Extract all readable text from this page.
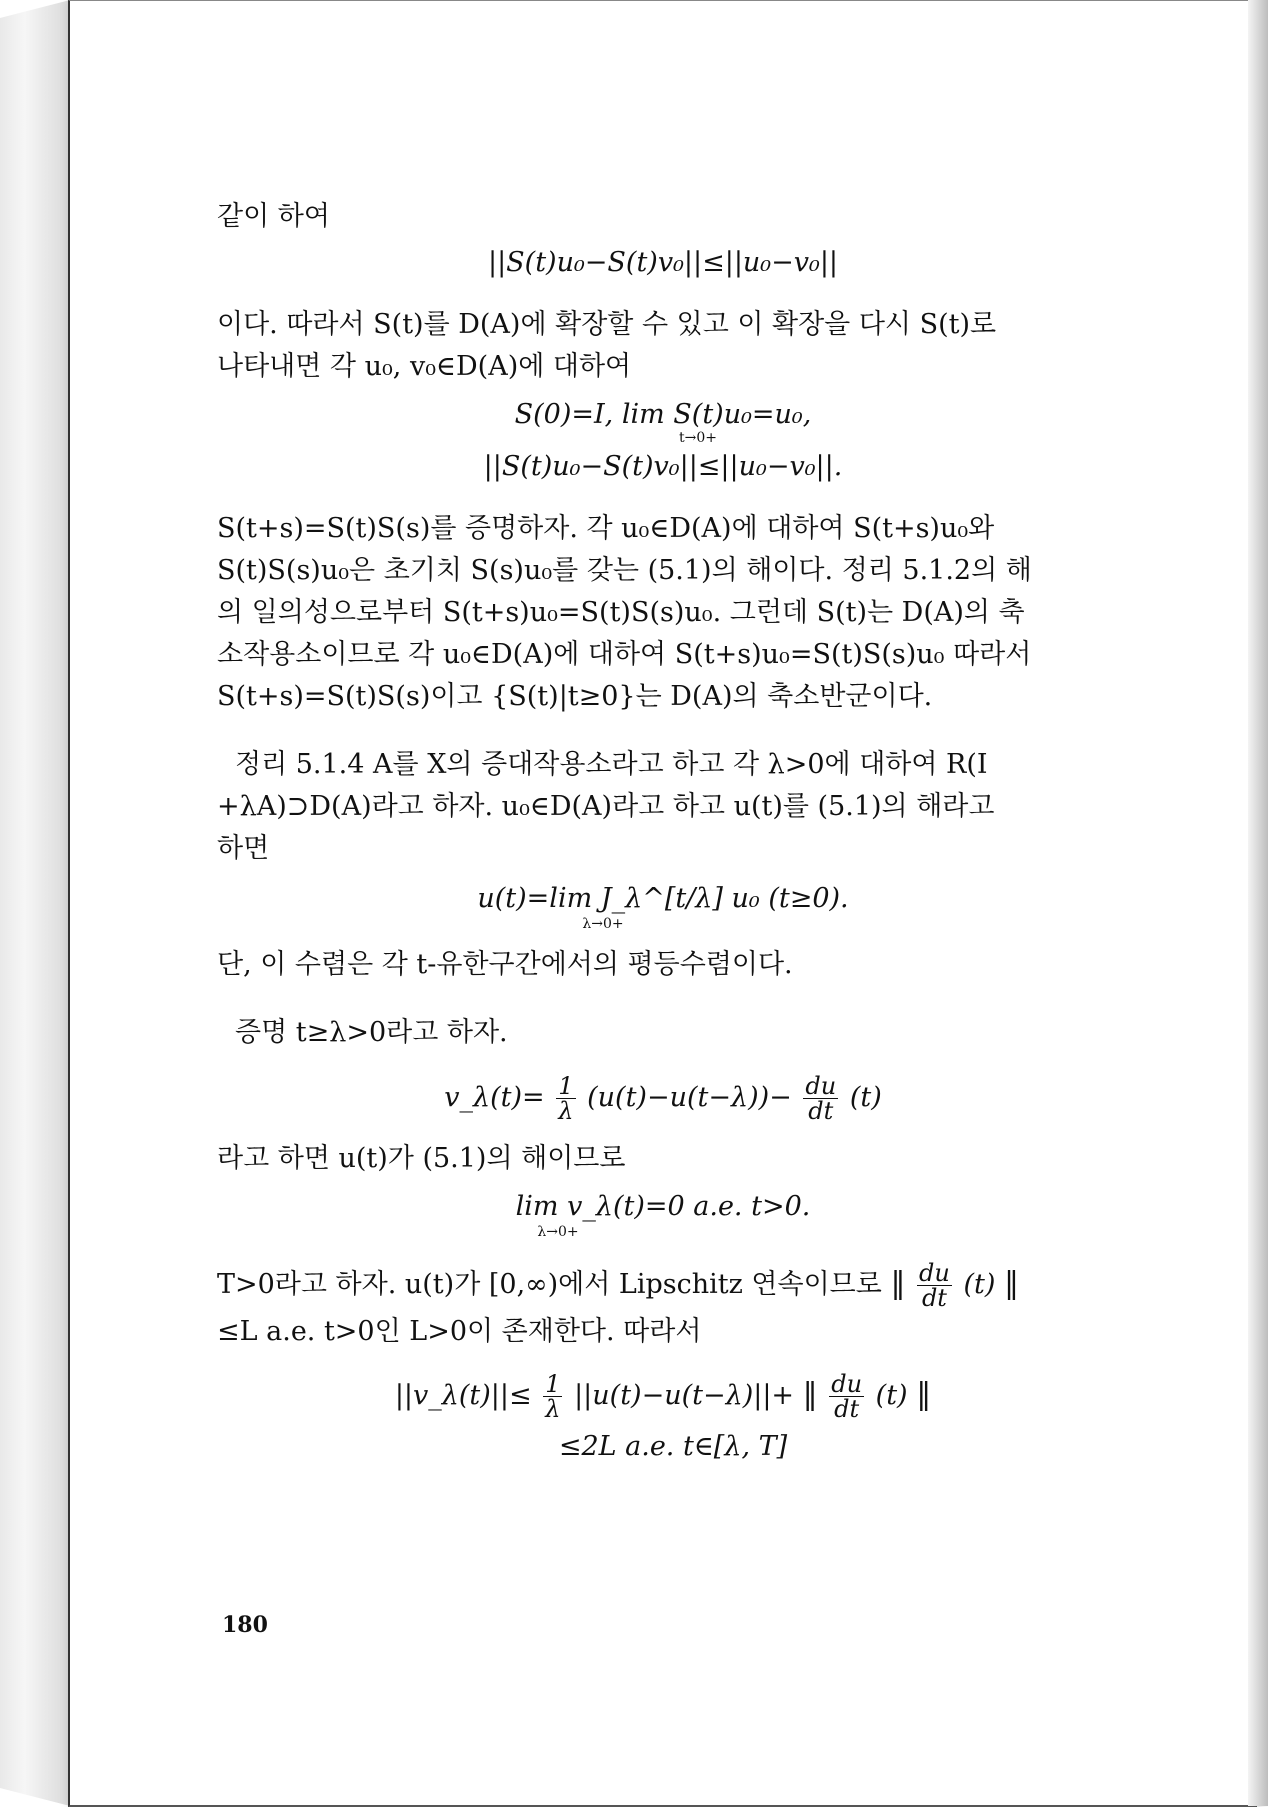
같이 하여

||S(t)u₀−S(t)v₀||≤||u₀−v₀||

이다. 따라서 S(t)를 D(A)에 확장할 수 있고 이 확장을 다시 S(t)로

나타내면 각 u₀, v₀∈D(A)에 대하여

S(0)=I, lim S(t)u₀=u₀,

t→0+

||S(t)u₀−S(t)v₀||≤||u₀−v₀||.

S(t+s)=S(t)S(s)를 증명하자. 각 u₀∈D(A)에 대하여 S(t+s)u₀와

S(t)S(s)u₀은 초기치 S(s)u₀를 갖는 (5.1)의 해이다. 정리 5.1.2의 해

의 일의성으로부터 S(t+s)u₀=S(t)S(s)u₀. 그런데 S(t)는 D(A)의 축

소작용소이므로 각 u₀∈D(A)에 대하여 S(t+s)u₀=S(t)S(s)u₀ 따라서

S(t+s)=S(t)S(s)이고 {S(t)|t≥0}는 D(A)의 축소반군이다.

정리 5.1.4 A를 X의 증대작용소라고 하고 각 λ>0에 대하여 R(I

+λA)⊃D(A)라고 하자. u₀∈D(A)라고 하고 u(t)를 (5.1)의 해라고

하면

u(t)=lim J_λ^[t/λ] u₀ (t≥0).

λ→0+

단, 이 수렴은 각 t-유한구간에서의 평등수렴이다.

증명 t≥λ>0라고 하자.

v_λ(t)= $\frac{1}{\lambda} (u(t)-u(t-\lambda))- \frac{du}{dt} (t)$

라고 하면 u(t)가 (5.1)의 해이므로

lim v_λ(t)=0 a.e. t>0.

λ→0+

T>0라고 하자. u(t)가 [0,∞)에서 Lipschitz 연속이므로 ‖ $\frac{du}{dt} (t)$ ‖

≤L a.e. t>0인 L>0이 존재한다. 따라서

||v_λ(t)||≤ $\frac{1}{\lambda} ||u(t)-u(t-\lambda)||+$ ‖ $\frac{du}{dt} (t)$ ‖

≤2L a.e. t∈[λ, T]

180
